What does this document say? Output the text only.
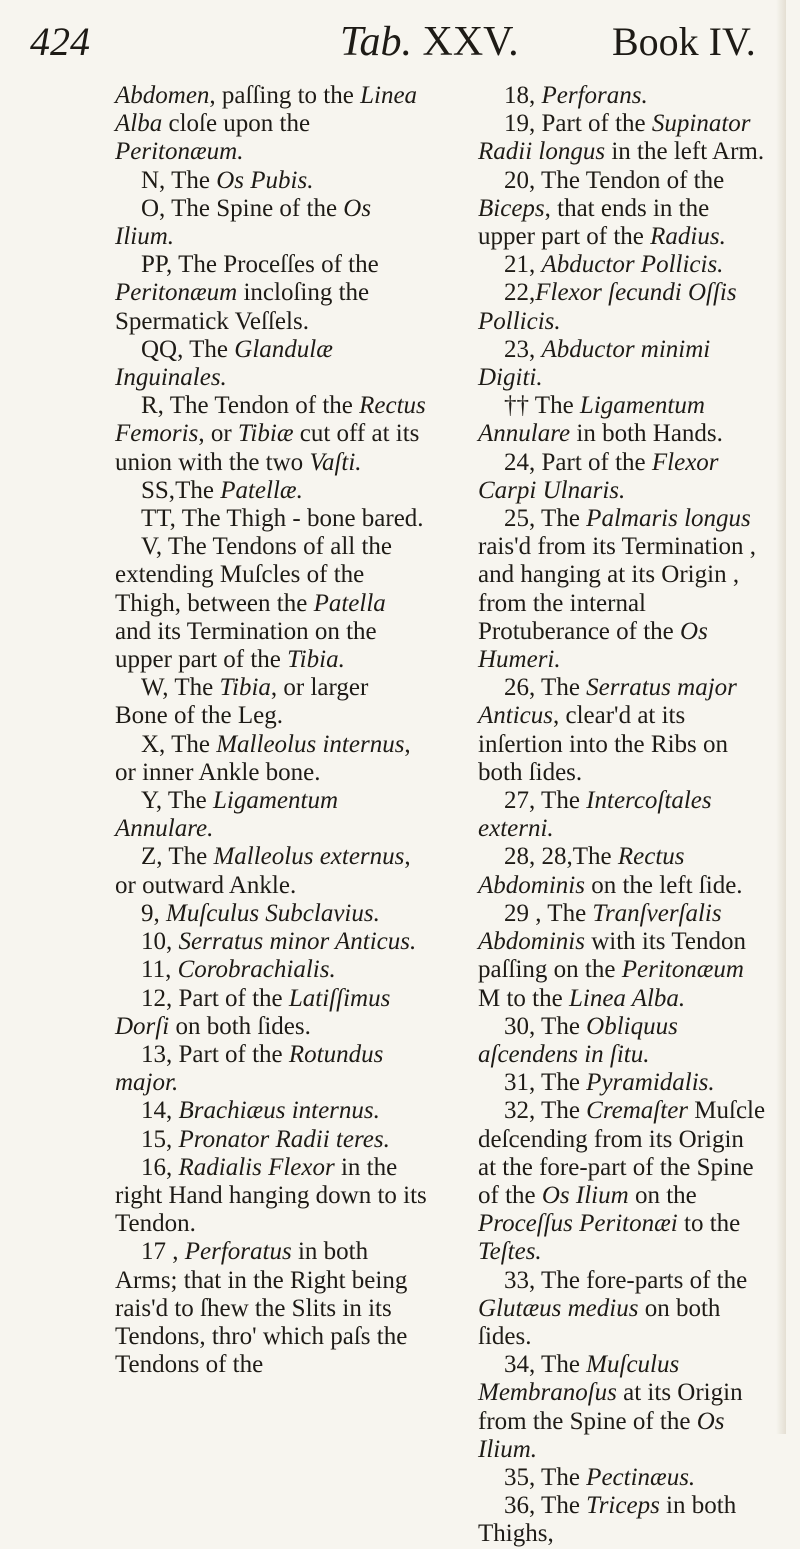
424	Tab. XXV. Book IV.

Abdomen, paſſing to the Linea Alba cloſe upon the Peritonæum.

N, The Os Pubis.

O, The Spine of the Os Ilium.

PP, The Proceſſes of the Peritonæum incloſing the Spermatick Veſſels.

QQ, The Glandulæ Inguinales.

R, The Tendon of the Rectus Femoris, or Tibiæ cut off at its union with the two Vaſti.

SS,The Patellæ.

TT, The Thigh - bone bared.

V, The Tendons of all the extending Muſcles of the Thigh, between the Patella and its Termination on the upper part of the Tibia.

W, The Tibia, or larger Bone of the Leg.

X, The Malleolus internus, or inner Ankle bone.

Y, The Ligamentum Annulare.

Z, The Malleolus externus, or outward Ankle.

9, Muſculus Subclavius.

10, Serratus minor Anticus.

11, Corobrachialis.

12, Part of the Latiſſimus Dorſi on both ſides.

13, Part of the Rotundus major.

14, Brachiæus internus.

15, Pronator Radii teres.

16, Radialis Flexor in the right Hand hanging down to its Tendon.

17 , Perforatus in both Arms; that in the Right being rais'd to ſhew the Slits in its Tendons, thro' which paſs the Tendons of the

18, Perforans.

19, Part of the Supinator Radii longus in the left Arm.

20, The Tendon of the Biceps, that ends in the upper part of the Radius.

21, Abductor Pollicis.

22,Flexor ſecundi Oſſis Pollicis.

23, Abductor minimi Digiti.

†† The Ligamentum Annulare in both Hands.

24, Part of the Flexor Carpi Ulnaris.

25, The Palmaris longus rais'd from its Termination , and hanging at its Origin , from the internal Protuberance of the Os Humeri.

26, The Serratus major Anticus, clear'd at its inſertion into the Ribs on both ſides.

27, The Intercoſtales externi.

28, 28,The Rectus Abdominis on the left ſide.

29 , The Tranſverſalis Abdominis with its Tendon paſſing on the Peritonæum M to the Linea Alba.

30, The Obliquus aſcendens in ſitu.

31, The Pyramidalis.

32, The Cremaſter Muſcle deſcending from its Origin at the fore-part of the Spine of the Os Ilium on the Proceſſus Peritonæi to the Teſtes.

33, The fore-parts of the Glutæus medius on both ſides.

34, The Muſculus Membranoſus at its Origin from the Spine of the Os Ilium.

35, The Pectinæus.

36, The Triceps in both Thighs,
